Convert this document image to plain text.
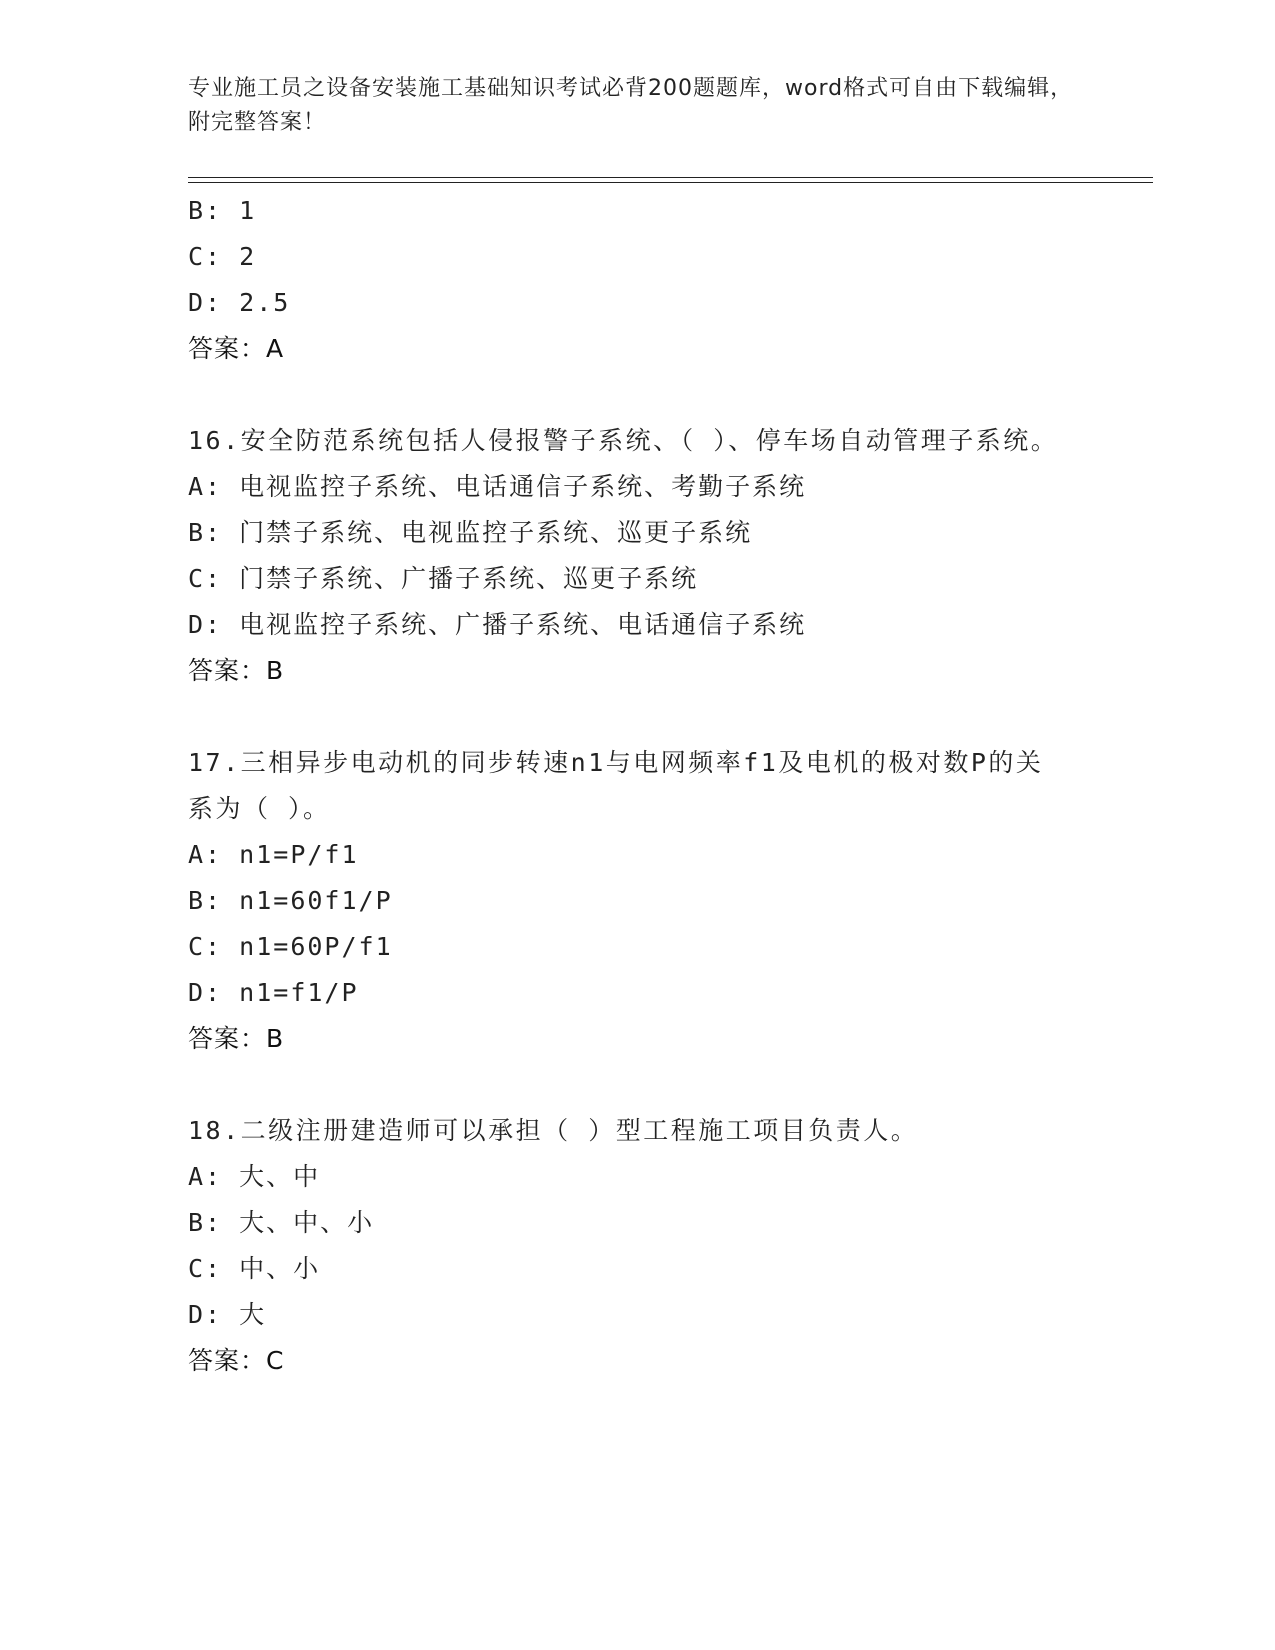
专业施工员之设备安装施工基础知识考试必背200题题库，word格式可自由下载编辑，附完整答案！
B: 1
C: 2
D: 2.5
答案：A
16.安全防范系统包括人侵报警子系统、（ ）、停车场自动管理子系统。
A: 电视监控子系统、电话通信子系统、考勤子系统
B: 门禁子系统、电视监控子系统、巡更子系统
C: 门禁子系统、广播子系统、巡更子系统
D: 电视监控子系统、广播子系统、电话通信子系统
答案：B
17.三相异步电动机的同步转速n1与电网频率f1及电机的极对数P的关系为（ ）。
A: n1=P/f1
B: n1=60f1/P
C: n1=60P/f1
D: n1=f1/P
答案：B
18.二级注册建造师可以承担（ ）型工程施工项目负责人。
A: 大、中
B: 大、中、小
C: 中、小
D: 大
答案：C
